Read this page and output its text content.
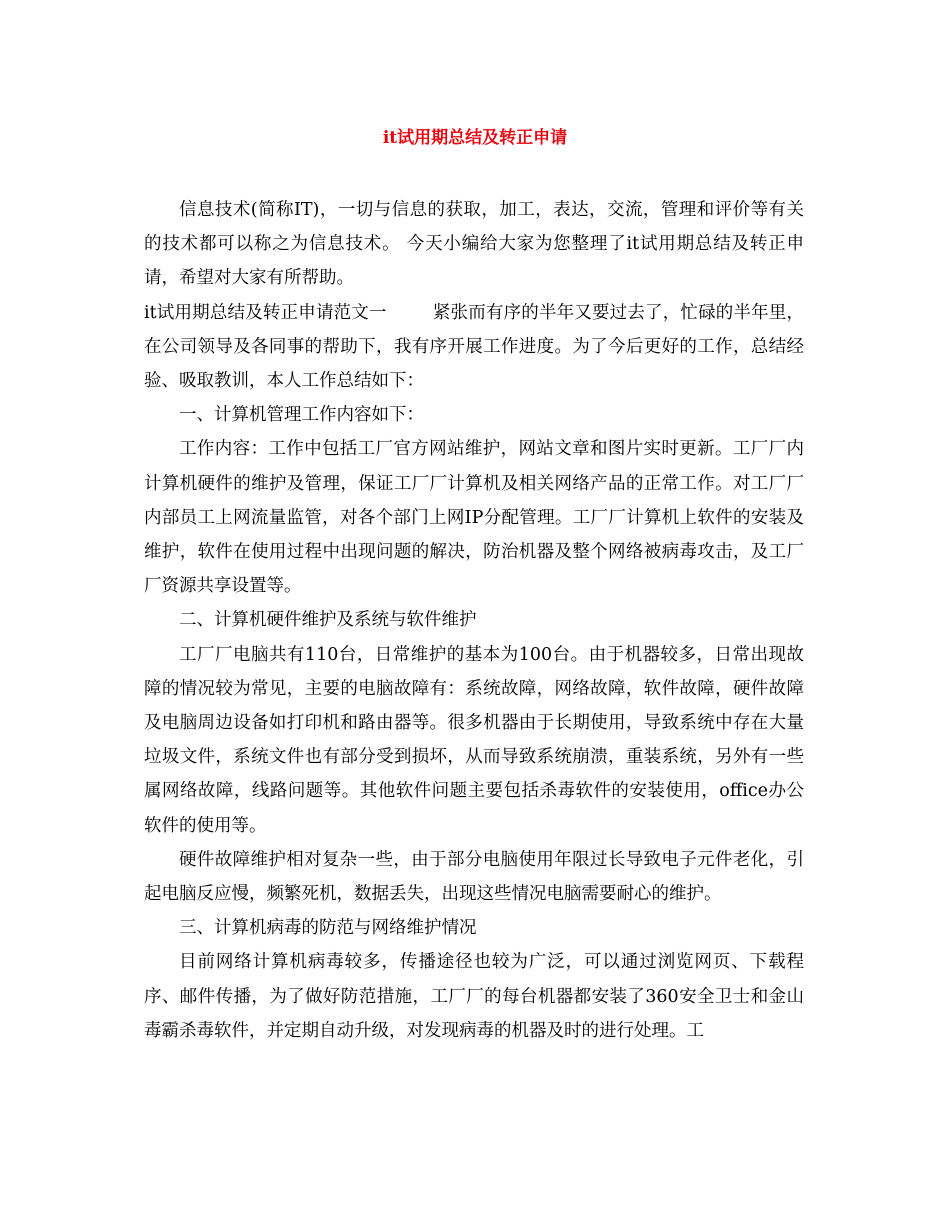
it试用期总结及转正申请

信息技术(简称IT)，一切与信息的获取，加工，表达，交流，管理和评价等有关的技术都可以称之为信息技术。 今天小编给大家为您整理了it试用期总结及转正申请，希望对大家有所帮助。

it试用期总结及转正申请范文一	紧张而有序的半年又要过去了，忙碌的半年里，在公司领导及各同事的帮助下，我有序开展工作进度。为了今后更好的工作，总结经验、吸取教训，本人工作总结如下：

一、计算机管理工作内容如下：

工作内容：工作中包括工厂官方网站维护，网站文章和图片实时更新。工厂厂内计算机硬件的维护及管理，保证工厂厂计算机及相关网络产品的正常工作。对工厂厂内部员工上网流量监管，对各个部门上网IP分配管理。工厂厂计算机上软件的安装及维护，软件在使用过程中出现问题的解决，防治机器及整个网络被病毒攻击，及工厂厂资源共享设置等。

二、计算机硬件维护及系统与软件维护

工厂厂电脑共有110台，日常维护的基本为100台。由于机器较多，日常出现故障的情况较为常见，主要的电脑故障有：系统故障，网络故障，软件故障，硬件故障及电脑周边设备如打印机和路由器等。很多机器由于长期使用，导致系统中存在大量垃圾文件，系统文件也有部分受到损坏，从而导致系统崩溃，重装系统，另外有一些属网络故障，线路问题等。其他软件问题主要包括杀毒软件的安装使用，office办公软件的使用等。

硬件故障维护相对复杂一些，由于部分电脑使用年限过长导致电子元件老化，引起电脑反应慢，频繁死机，数据丢失，出现这些情况电脑需要耐心的维护。

三、计算机病毒的防范与网络维护情况

目前网络计算机病毒较多，传播途径也较为广泛，可以通过浏览网页、下载程序、邮件传播，为了做好防范措施，工厂厂的每台机器都安装了360安全卫士和金山毒霸杀毒软件，并定期自动升级，对发现病毒的机器及时的进行处理。工
